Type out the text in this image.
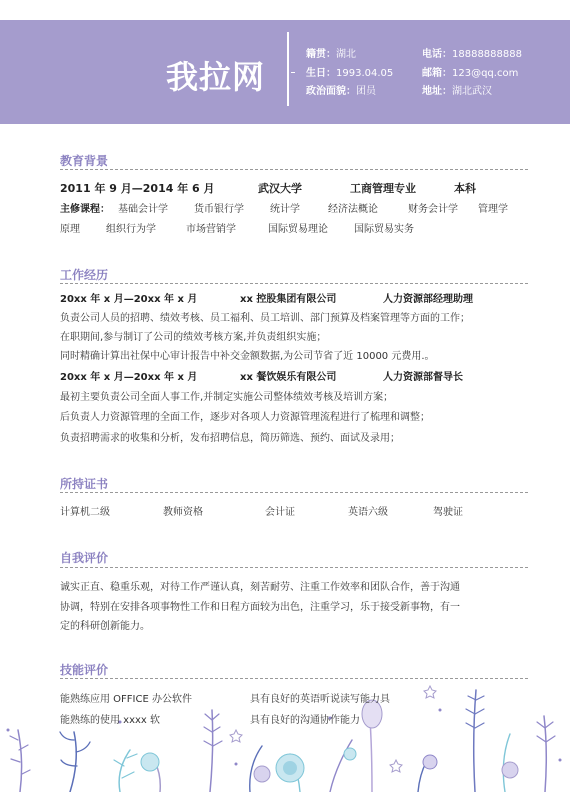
我拉网
籍贯：湖北	电话：18888888888
生日：1993.04.05	邮箱：123@qq.com
政治面貌：团员	地址：湖北武汉
教育背景
2011 年 9 月—2014 年 6 月	武汉大学	工商管理专业	本科
主修课程： 基础会计学	货币银行学	统计学	经济法概论	财务会计学 管理学
原理	组织行为学	市场营销学	国际贸易理论	国际贸易实务
工作经历
20xx 年 x 月—20xx 年 x 月	xx 控股集团有限公司	人力资源部经理助理
负责公司人员的招聘、绩效考核、员工福利、员工培训、部门预算及档案管理等方面的工作；
在职期间,参与制订了公司的绩效考核方案,并负责组织实施；
同时精确计算出社保中心审计报告中补交金额数据,为公司节省了近 10000 元费用.。
20xx 年 x 月—20xx 年 x 月	xx 餐饮娱乐有限公司	人力资源部督导长
最初主要负责公司全面人事工作,并制定实施公司整体绩效考核及培训方案；
后负责人力资源管理的全面工作，逐步对各项人力资源管理流程进行了梳理和调整；
负责招聘需求的收集和分析，发布招聘信息，简历筛选、预约、面试及录用；
所持证书
计算机二级	教师资格	会计证	英语六级	驾驶证
自我评价
诚实正直、稳重乐观，对待工作严谨认真，刻苦耐劳、注重工作效率和团队合作，善于沟通
协调，特别在安排各项事物性工作和日程方面较为出色，注重学习，乐于接受新事物，有一
定的科研创新能力。
技能评价
能熟练应用 OFFICE 办公软件	具有良好的英语听说读写能力具
能熟练的使用 xxxx 软	具有良好的沟通协作能力
